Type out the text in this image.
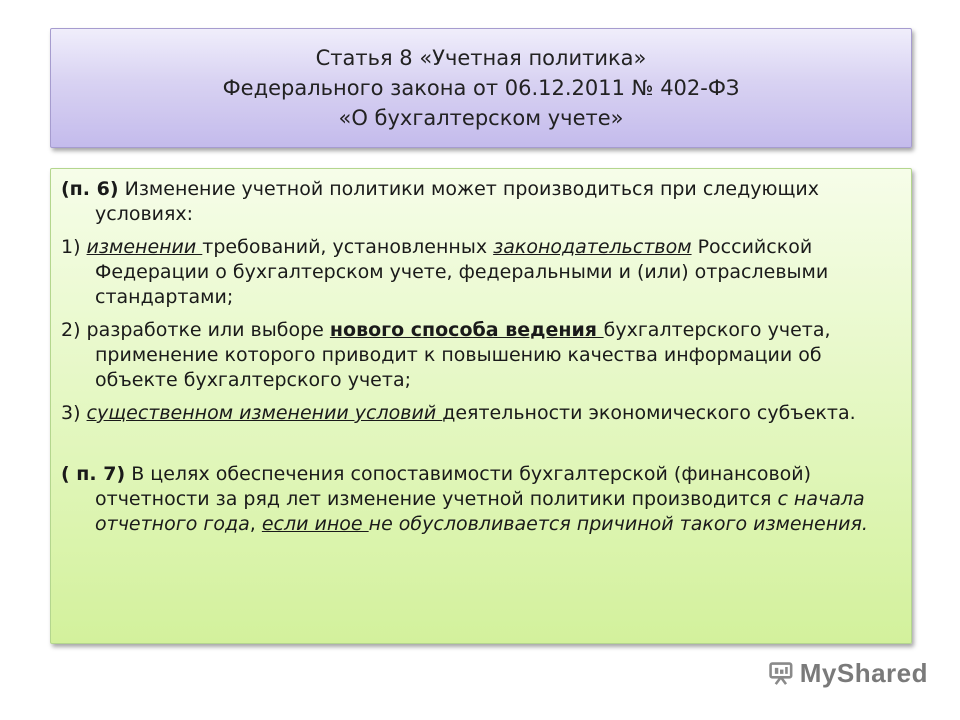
Статья 8 «Учетная политика»
Федерального закона от 06.12.2011 № 402-ФЗ
«О бухгалтерском учете»

(п. 6) Изменение учетной политики может производиться при следующих условиях:

1) изменении требований, установленных законодательством Российской Федерации о бухгалтерском учете, федеральными и (или) отраслевыми стандартами;

2) разработке или выборе нового способа ведения бухгалтерского учета, применение которого приводит к повышению качества информации об объекте бухгалтерского учета;

3) существенном изменении условий деятельности экономического субъекта.

( п. 7) В целях обеспечения сопоставимости бухгалтерской (финансовой) отчетности за ряд лет изменение учетной политики производится с начала отчетного года, если иное не обусловливается причиной такого изменения.

MyShared
